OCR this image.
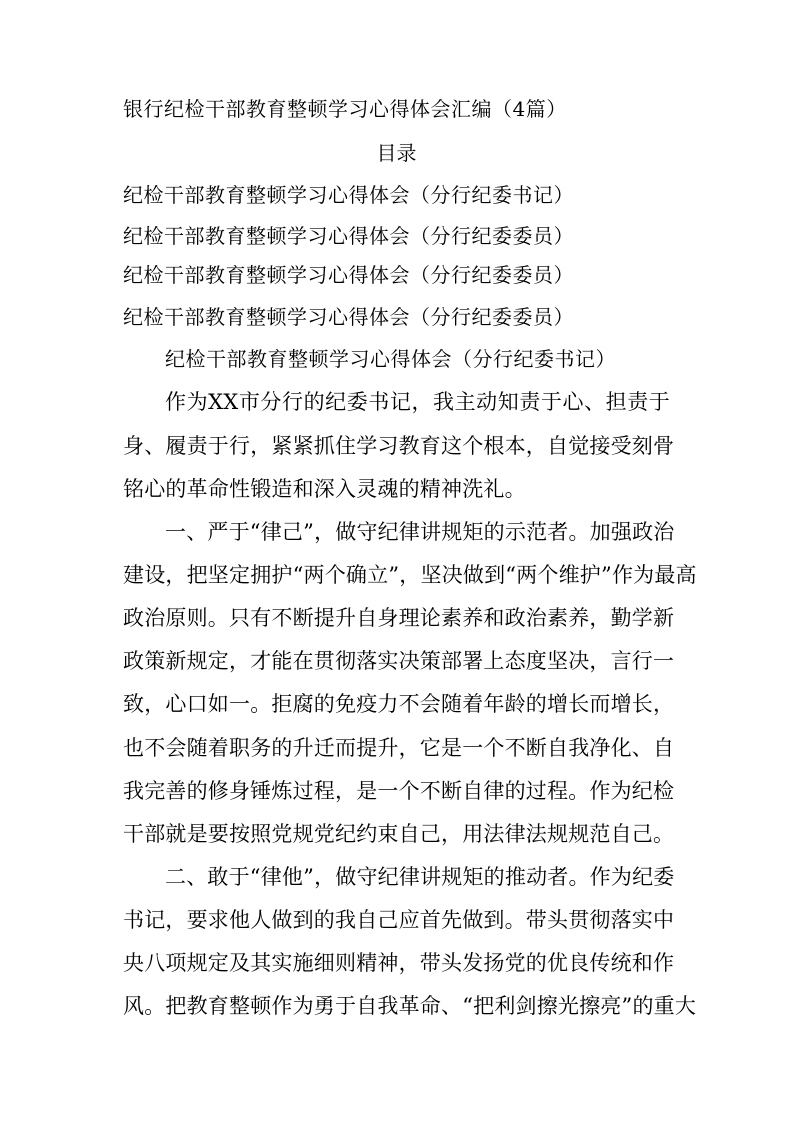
银行纪检干部教育整顿学习心得体会汇编（4篇）
目录
纪检干部教育整顿学习心得体会（分行纪委书记）
纪检干部教育整顿学习心得体会（分行纪委委员）
纪检干部教育整顿学习心得体会（分行纪委委员）
纪检干部教育整顿学习心得体会（分行纪委委员）
纪检干部教育整顿学习心得体会（分行纪委书记）
作为XX市分行的纪委书记，我主动知责于心、担责于
身、履责于行，紧紧抓住学习教育这个根本，自觉接受刻骨
铭心的革命性锻造和深入灵魂的精神洗礼。
一、严于“律己”，做守纪律讲规矩的示范者。加强政治
建设，把坚定拥护“两个确立”，坚决做到“两个维护”作为最高
政治原则。只有不断提升自身理论素养和政治素养，勤学新
政策新规定，才能在贯彻落实决策部署上态度坚决，言行一
致，心口如一。拒腐的免疫力不会随着年龄的增长而增长，
也不会随着职务的升迁而提升，它是一个不断自我净化、自
我完善的修身锤炼过程，是一个不断自律的过程。作为纪检
干部就是要按照党规党纪约束自己，用法律法规规范自己。
二、敢于“律他”，做守纪律讲规矩的推动者。作为纪委
书记，要求他人做到的我自己应首先做到。带头贯彻落实中
央八项规定及其实施细则精神，带头发扬党的优良传统和作
风。把教育整顿作为勇于自我革命、“把利剑擦光擦亮”的重大
